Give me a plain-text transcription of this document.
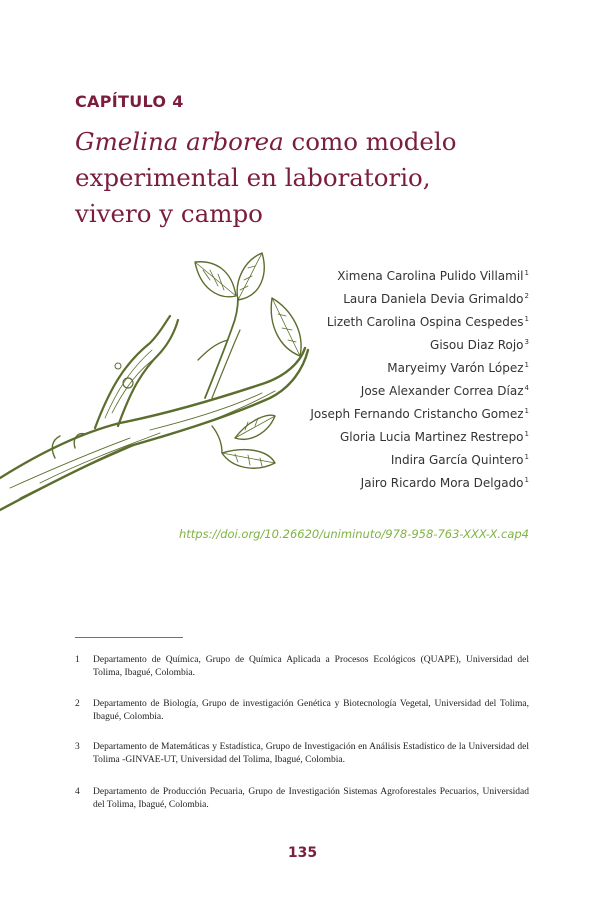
CAPÍTULO 4
Gmelina arborea como modelo
experimental en laboratorio,
vivero y campo
Ximena Carolina Pulido Villamil$^1$
Laura Daniela Devia Grimaldo$^2$
Lizeth Carolina Ospina Cespedes$^1$
Gisou Diaz Rojo$^3$
Maryeimy Varón López$^1$
Jose Alexander Correa Díaz$^4$
Joseph Fernando Cristancho Gomez$^1$
Gloria Lucia Martinez Restrepo$^1$
Indira García Quintero$^1$
Jairo Ricardo Mora Delgado$^1$
https://doi.org/10.26620/uniminuto/978-958-763-XXX-X.cap4
1	Departamento de Química, Grupo de Química Aplicada a Procesos Ecológicos (QUAPE), Universidad del Tolima, Ibagué, Colombia.
2	Departamento de Biología, Grupo de investigación Genética y Biotecnología Vegetal, Universidad del Tolima, Ibagué, Colombia.
3	Departamento de Matemáticas y Estadística, Grupo de Investigación en Análisis Estadístico de la Universidad del Tolima -GINVAE-UT, Universidad del Tolima, Ibagué, Colombia.
4	Departamento de Producción Pecuaria, Grupo de Investigación Sistemas Agroforestales Pecuarios, Universidad del Tolima, Ibagué, Colombia.
135
